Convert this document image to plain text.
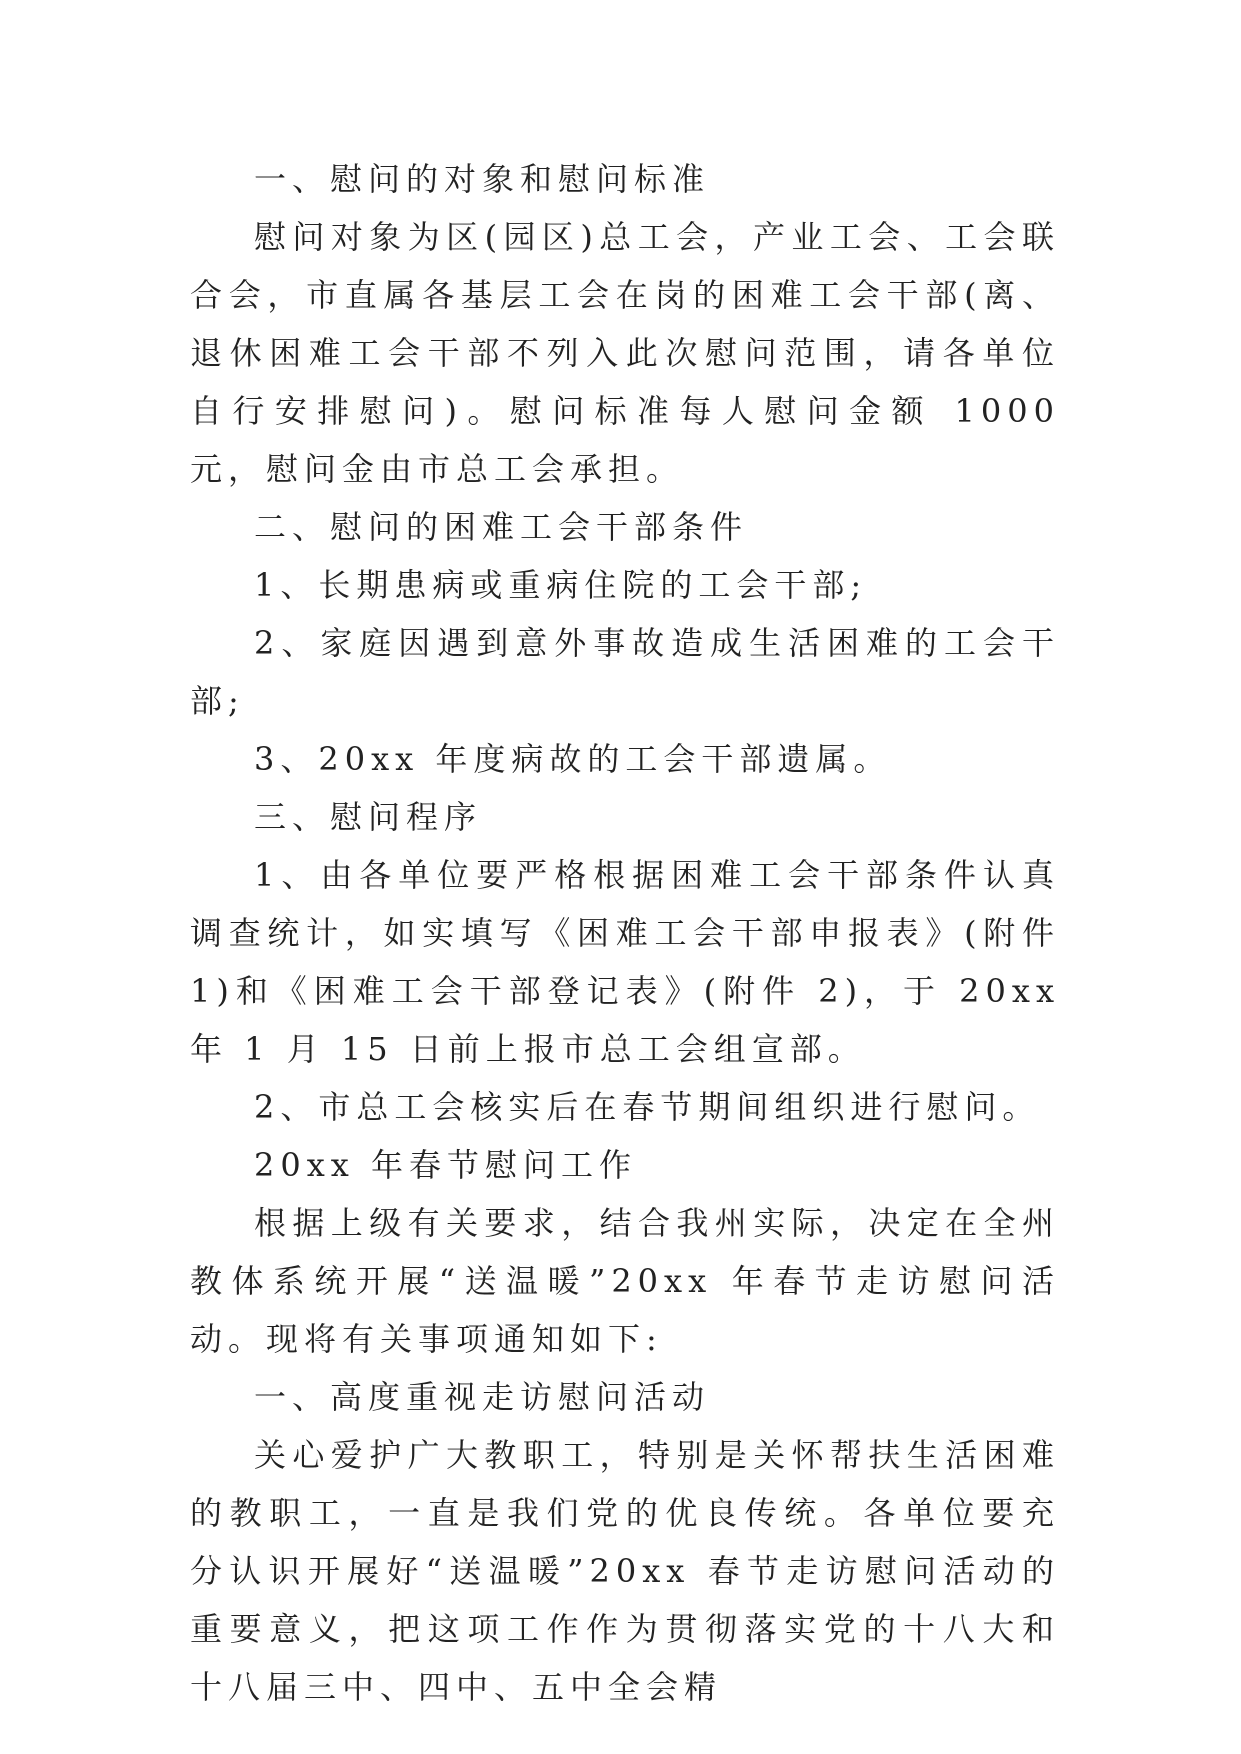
一、慰问的对象和慰问标准

慰问对象为区(园区)总工会，产业工会、工会联合会，市直属各基层工会在岗的困难工会干部(离、退休困难工会干部不列入此次慰问范围，请各单位自行安排慰问)。慰问标准每人慰问金额 1000 元，慰问金由市总工会承担。

二、慰问的困难工会干部条件

1、长期患病或重病住院的工会干部;

2、家庭因遇到意外事故造成生活困难的工会干部;

3、20xx 年度病故的工会干部遗属。

三、慰问程序

1、由各单位要严格根据困难工会干部条件认真调查统计，如实填写《困难工会干部申报表》(附件 1)和《困难工会干部登记表》(附件 2)，于 20xx 年 1 月 15 日前上报市总工会组宣部。

2、市总工会核实后在春节期间组织进行慰问。

20xx 年春节慰问工作

根据上级有关要求，结合我州实际，决定在全州教体系统开展“送温暖”20xx 年春节走访慰问活动。现将有关事项通知如下:

一、高度重视走访慰问活动

关心爱护广大教职工，特别是关怀帮扶生活困难的教职工，一直是我们党的优良传统。各单位要充分认识开展好“送温暖”20xx 春节走访慰问活动的重要意义，把这项工作作为贯彻落实党的十八大和十八届三中、四中、五中全会精
